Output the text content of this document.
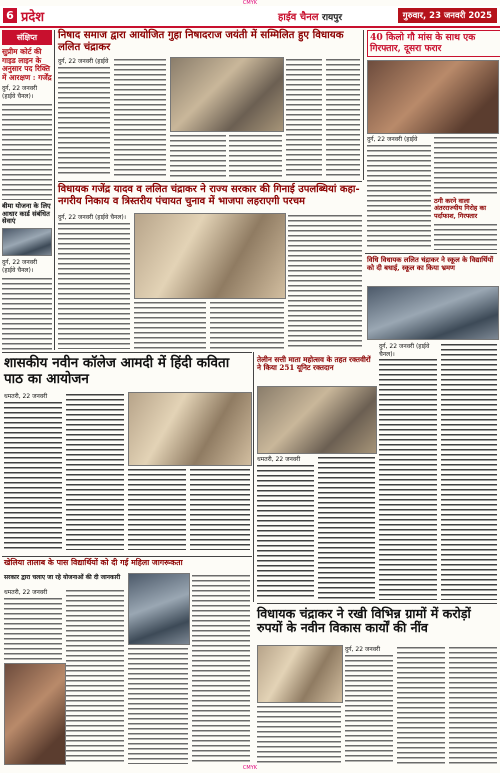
CMYK
6 प्रदेश	हाईव चैनल रायपुर	गुरुवार, 23 जनवरी 2025
संक्षिप्त
सुप्रीम कोर्ट की गाइड लाइन के अनुसार पद रिक्ति में आरक्षण : गर्जेंद्र
दुर्ग, 22 जनवरी (हाईवे चैनल)।
बीमा योजना के लिए आधार कार्ड संबंधित सेवाएं
दुर्ग, 22 जनवरी (हाईवे चैनल)।
निषाद समाज द्वारा आयोजित गुहा निषादराज जयंती में सम्मिलित हुए विधायक ललित चंद्राकर
दुर्ग, 22 जनवरी (हाईवे
40 किलो गौ मांस के साथ एक गिरफ्तार, दूसरा फरार
दुर्ग, 22 जनवरी (हाईवे
ठगी करने वाला अंतरराज्यीय गिरोह का पर्दाफाश, गिरफ्तार
विधायक गजेंद्र यादव व ललित चंद्राकर ने राज्य सरकार की गिनाई उपलब्धियां कहा- नगरीय निकाय व त्रिस्तरीय पंचायत चुनाव में भाजपा लहराएगी परचम
दुर्ग, 22 जनवरी (हाईवे चैनल)।
विधि विधायक ललित चंद्राकर ने स्कूल के विद्यार्थियों को दी बधाई, स्कूल का किया भ्रमण
शासकीय नवीन कॉलेज आमदी में हिंदी कविता पाठ का आयोजन
धमतरी, 22 जनवरी
तेलीन सत्ती माता महोत्सव के तहत रक्तवीरों ने किया 251 यूनिट रक्तदान
धमतरी, 22 जनवरी
दुर्ग, 22 जनवरी (हाईवे चैनल)।
खेलिया तालाब के पास विद्यार्थियों को दी गई महिला जागरूकता
सरकार द्वारा चलाए जा रहे योजनाओं की दी जानकारी
धमतरी, 22 जनवरी
विधायक चंद्राकर ने रखी विभिन्न ग्रामों में करोड़ों रुपयों के नवीन विकास कार्यों की नींव
दुर्ग, 22 जनवरी
CMYK
